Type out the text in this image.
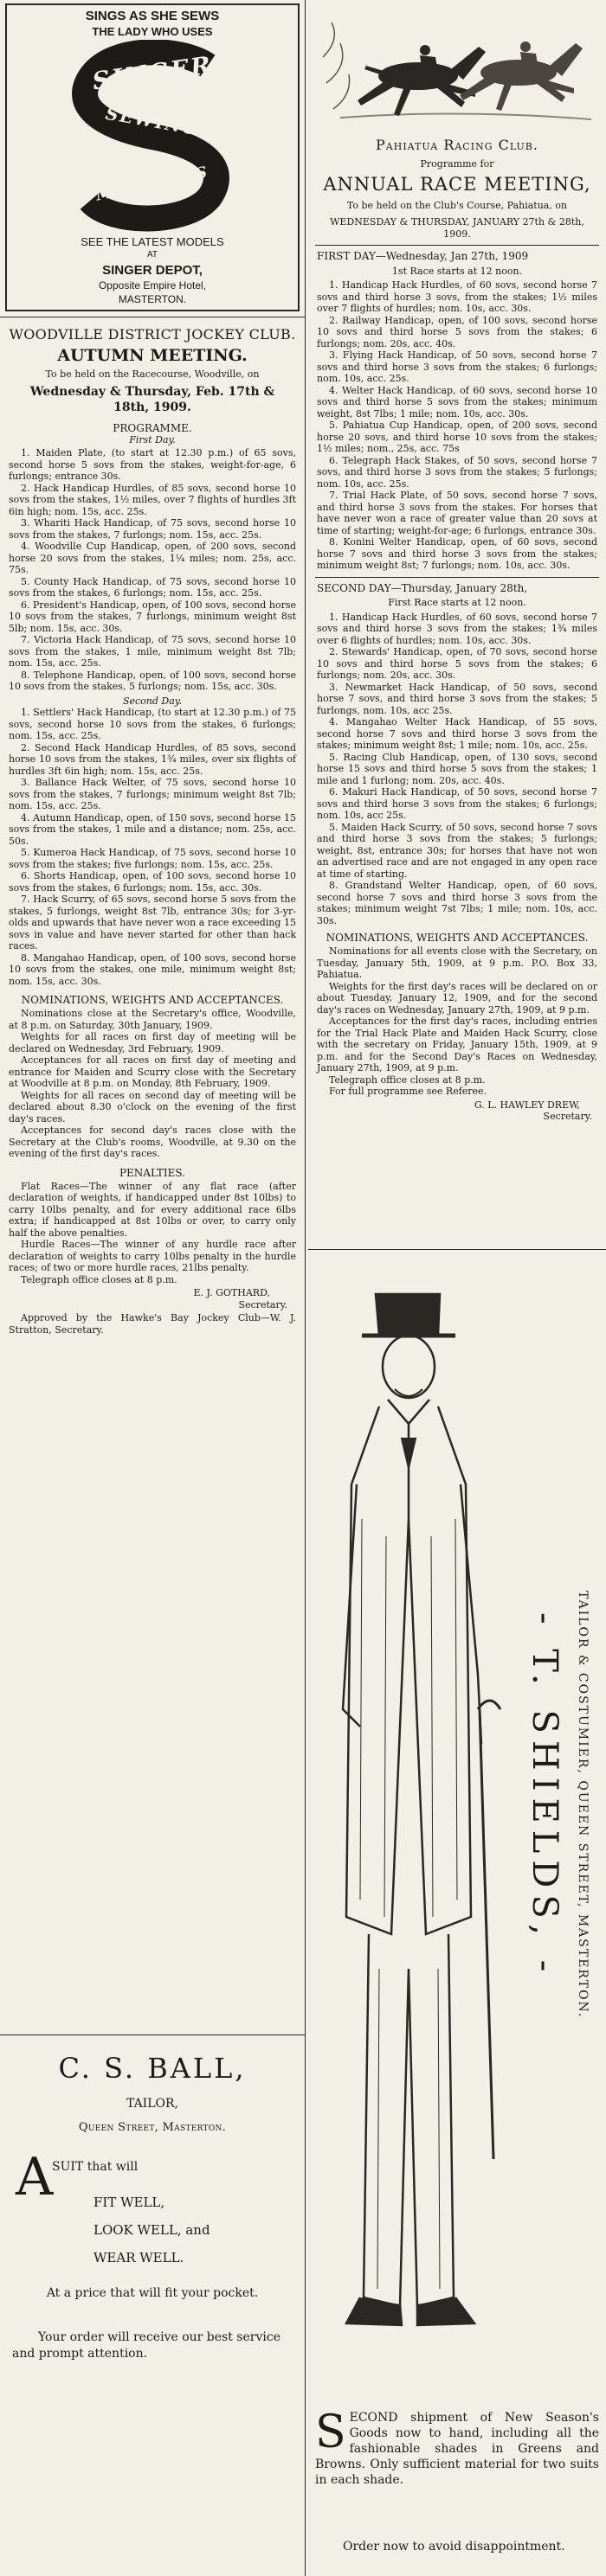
SINGS AS SHE SEWS
THE LADY WHO USES
SINGER
SEWING
MACHINES
SEE THE LATEST MODELS
AT
SINGER DEPOT,
Opposite Empire Hotel,
MASTERTON.
WOODVILLE DISTRICT JOCKEY CLUB.
AUTUMN MEETING.
To be held on the Racecourse, Woodville, on
Wednesday & Thursday, Feb. 17th & 18th, 1909.
PROGRAMME.
First Day.
1. Maiden Plate, (to start at 12.30 p.m.) of 65 sovs, second horse 5 sovs from the stakes, weight-for-age, 6 furlongs; entrance 30s.
2. Hack Handicap Hurdles, of 85 sovs, second horse 10 sovs from the stakes, 1½ miles, over 7 flights of hurdles 3ft 6in high; nom. 15s, acc. 25s.
3. Whariti Hack Handicap, of 75 sovs, second horse 10 sovs from the stakes, 7 furlongs; nom. 15s, acc. 25s.
4. Woodville Cup Handicap, open, of 200 sovs, second horse 20 sovs from the stakes, 1¼ miles; nom. 25s, acc. 75s.
5. County Hack Handicap, of 75 sovs, second horse 10 sovs from the stakes, 6 furlongs; nom. 15s, acc. 25s.
6. President's Handicap, open, of 100 sovs, second horse 10 sovs from the stakes, 7 furlongs, minimum weight 8st 5lb; nom. 15s, acc. 30s.
7. Victoria Hack Handicap, of 75 sovs, second horse 10 sovs from the stakes, 1 mile, minimum weight 8st 7lb; nom. 15s, acc. 25s.
8. Telephone Handicap, open, of 100 sovs, second horse 10 sovs from the stakes, 5 furlongs; nom. 15s, acc. 30s.
Second Day.
1. Settlers' Hack Handicap, (to start at 12.30 p.m.) of 75 sovs, second horse 10 sovs from the stakes, 6 furlongs; nom. 15s, acc. 25s.
2. Second Hack Handicap Hurdles, of 85 sovs, second horse 10 sovs from the stakes, 1¾ miles, over six flights of hurdles 3ft 6in high; nom. 15s, acc. 25s.
3. Ballance Hack Welter, of 75 sovs, second horse 10 sovs from the stakes, 7 furlongs; minimum weight 8st 7lb; nom. 15s, acc. 25s.
4. Autumn Handicap, open, of 150 sovs, second horse 15 sovs from the stakes, 1 mile and a distance; nom. 25s, acc. 50s.
5. Kumeroa Hack Handicap, of 75 sovs, second horse 10 sovs from the stakes; five furlongs; nom. 15s, acc. 25s.
6. Shorts Handicap, open, of 100 sovs, second horse 10 sovs from the stakes, 6 furlongs; nom. 15s, acc. 30s.
7. Hack Scurry, of 65 sovs, second horse 5 sovs from the stakes, 5 furlongs, weight 8st 7lb, entrance 30s; for 3-yr-olds and upwards that have never won a race exceeding 15 sovs in value and have never started for other than hack races.
8. Mangahao Handicap, open, of 100 sovs, second horse 10 sovs from the stakes, one mile, minimum weight 8st; nom. 15s, acc. 30s.
NOMINATIONS, WEIGHTS AND ACCEPTANCES.
Nominations close at the Secretary's office, Woodville, at 8 p.m. on Saturday, 30th January, 1909.
Weights for all races on first day of meeting will be declared on Wednesday, 3rd February, 1909.
Acceptances for all races on first day of meeting and entrance for Maiden and Scurry close with the Secretary at Woodville at 8 p.m. on Monday, 8th February, 1909.
Weights for all races on second day of meeting will be declared about 8.30 o'clock on the evening of the first day's races.
Acceptances for second day's races close with the Secretary at the Club's rooms, Woodville, at 9.30 on the evening of the first day's races.
PENALTIES.
Flat Races—The winner of any flat race (after declaration of weights, if handicapped under 8st 10lbs) to carry 10lbs penalty, and for every additional race 6lbs extra; if handicapped at 8st 10lbs or over, to carry only half the above penalties.
Hurdle Races—The winner of any hurdle race after declaration of weights to carry 10lbs penalty in the hurdle races; of two or more hurdle races, 21lbs penalty.
Telegraph office closes at 8 p.m.
E. J. GOTHARD,
Secretary.
Approved by the Hawke's Bay Jockey Club—W. J. Stratton, Secretary.
C. S. BALL,
TAILOR,
Queen Street, Masterton.
A
SUIT that will
FIT WELL,
LOOK WELL, and
WEAR WELL.
At a price that will fit your pocket.
Your order will receive our best service and prompt attention.
Pahiatua Racing Club.
Programme for
ANNUAL RACE MEETING,
To be held on the Club's Course, Pahiatua, on
WEDNESDAY & THURSDAY, JANUARY 27th & 28th, 1909.
FIRST DAY—Wednesday, Jan 27th, 1909
1st Race starts at 12 noon.
1. Handicap Hack Hurdles, of 60 sovs, second horse 7 sovs and third horse 3 sovs, from the stakes; 1½ miles over 7 flights of hurdles; nom. 10s, acc. 30s.
2. Railway Handicap, open, of 100 sovs, second horse 10 sovs and third horse 5 sovs from the stakes; 6 furlongs; nom. 20s, acc. 40s.
3. Flying Hack Handicap, of 50 sovs, second horse 7 sovs and third horse 3 sovs from the stakes; 6 furlongs; nom. 10s, acc. 25s.
4. Welter Hack Handicap, of 60 sovs, second horse 10 sovs and third horse 5 sovs from the stakes; minimum weight, 8st 7lbs; 1 mile; nom. 10s, acc. 30s.
5. Pahiatua Cup Handicap, open, of 200 sovs, second horse 20 sovs, and third horse 10 sovs from the stakes; 1½ miles; nom., 25s, acc. 75s
6. Telegraph Hack Stakes, of 50 sovs, second horse 7 sovs, and third horse 3 sovs from the stakes; 5 furlongs; nom. 10s, acc. 25s.
7. Trial Hack Plate, of 50 sovs, second horse 7 sovs, and third horse 3 sovs from the stakes. For horses that have never won a race of greater value than 20 sovs at time of starting; weight-for-age; 6 furlongs, entrance 30s.
8. Konini Welter Handicap, open, of 60 sovs, second horse 7 sovs and third horse 3 sovs from the stakes; minimum weight 8st; 7 furlongs; nom. 10s, acc. 30s.
SECOND DAY—Thursday, January 28th,
First Race starts at 12 noon.
1. Handicap Hack Hurdles, of 60 sovs, second horse 7 sovs and third horse 3 sovs from the stakes; 1¾ miles over 6 flights of hurdles; nom. 10s, acc. 30s.
2. Stewards' Handicap, open, of 70 sovs, second horse 10 sovs and third horse 5 sovs from the stakes; 6 furlongs; nom. 20s, acc. 30s.
3. Newmarket Hack Handicap, of 50 sovs, second horse 7 sovs, and third horse 3 sovs from the stakes; 5 furlongs, nom. 10s, acc 25s.
4. Mangahao Welter Hack Handicap, of 55 sovs, second horse 7 sovs and third horse 3 sovs from the stakes; minimum weight 8st; 1 mile; nom. 10s, acc. 25s.
5. Racing Club Handicap, open, of 130 sovs, second horse 15 sovs and third horse 5 sovs from the stakes; 1 mile and 1 furlong; nom. 20s, acc. 40s.
6. Makuri Hack Handicap, of 50 sovs, second horse 7 sovs and third horse 3 sovs from the stakes; 6 furlongs; nom. 10s, acc 25s.
5. Maiden Hack Scurry, of 50 sovs, second horse 7 sovs and third horse 3 sovs from the stakes; 5 furlongs; weight, 8st, entrance 30s; for horses that have not won an advertised race and are not engaged in any open race at time of starting.
8. Grandstand Welter Handicap, open, of 60 sovs, second horse 7 sovs and third horse 3 sovs from the stakes; minimum weight 7st 7lbs; 1 mile; nom. 10s, acc. 30s.
NOMINATIONS, WEIGHTS AND ACCEPTANCES.
Nominations for all events close with the Secretary, on Tuesday, January 5th, 1909, at 9 p.m. P.O. Box 33, Pahiatua.
Weights for the first day's races will be declared on or about Tuesday, January 12, 1909, and for the second day's races on Wednesday, January 27th, 1909, at 9 p.m.
Acceptances for the first day's races, including entries for the Trial Hack Plate and Maiden Hack Scurry, close with the secretary on Friday, January 15th, 1909, at 9 p.m. and for the Second Day's Races on Wednesday, January 27th, 1909, at 9 p.m.
Telegraph office closes at 8 p.m.
For full programme see Referee.
G. L. HAWLEY DREW,
Secretary.
- T. SHIELDS, - TAILOR & COSTUMIER, QUEEN STREET, MASTERTON.
S ECOND shipment of New Season's Goods now to hand, including all the fashionable shades in Greens and Browns. Only sufficient material for two suits in each shade.
Order now to avoid disappointment.
